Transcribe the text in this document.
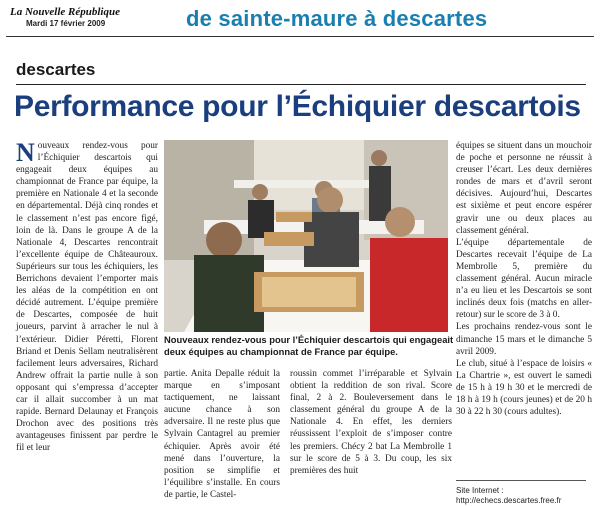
La Nouvelle République
Mardi 17 février 2009	de sainte-maure à descartes
descartes
Performance pour l’Échiquier descartois
N ouveaux rendez-vous pour l’Échiquier descartois qui engageait deux équipes au championnat de France par équipe, la première en Nationale 4 et la seconde en départemental. Déjà cinq rondes et le classement n’est pas encore figé, loin de là. Dans le groupe A de la Nationale 4, Descartes rencontrait l’excellente équipe de Châteauroux. Supérieurs sur tous les échiquiers, les Berrichons devaient l’emporter mais les aléas de la compétition en ont décidé autrement. L’équipe première de Descartes, composée de huit joueurs, parvint à arracher le nul à l’extérieur. Didier Péretti, Florent Briand et Denis Sellam neutralisèrent facilement leurs adversaires, Richard Andrew offrait la partie nulle à son opposant qui s’empressa d’accepter car il allait succomber à un mat rapide. Bernard Delaunay et François Drochon avec des positions très avantageuses finissent par perdre le fil et leur

Nouveaux rendez-vous pour l’Échiquier descartois qui engageait deux équipes au championnat de France par équipe.

partie. Anita Depalle réduit la marque en s’imposant tactiquement, ne laissant aucune chance à son adversaire. Il ne reste plus que Sylvain Cantagrel au premier échiquier. Après avoir été mené dans l’ouverture, la position se simplifie et l’équilibre s’installe. En cours de partie, le Castel-

roussin commet l’irréparable et Sylvain obtient la reddition de son rival. Score final, 2 à 2. Bouleversement dans le classement général du groupe A de la Nationale 4. En effet, les derniers réussissent l’exploit de s’imposer contre les premiers. Chécy 2 bat La Membrolle 1 sur le score de 5 à 3. Du coup, les six premières des huit

équipes se situent dans un mouchoir de poche et personne ne réussit à creuser l’écart. Les deux dernières rondes de mars et d’avril seront décisives. Aujourd’hui, Descartes est sixième et peut encore espérer gravir une ou deux places au classement général.

L’équipe départementale de Descartes recevait l’équipe de La Membrolle 5, première du classement général. Aucun miracle n’a eu lieu et les Descartois se sont inclinés deux fois (matchs en aller-retour) sur le score de 3 à 0.

Les prochains rendez-vous sont le dimanche 15 mars et le dimanche 5 avril 2009.

Le club, situé à l’espace de loisirs « La Chartrie », est ouvert le samedi de 15 h à 19 h 30 et le mercredi de 18 h à 19 h (cours jeunes) et de 20 h 30 à 22 h 30 (cours adultes).

Site Internet :
http://echecs.descartes.free.fr
